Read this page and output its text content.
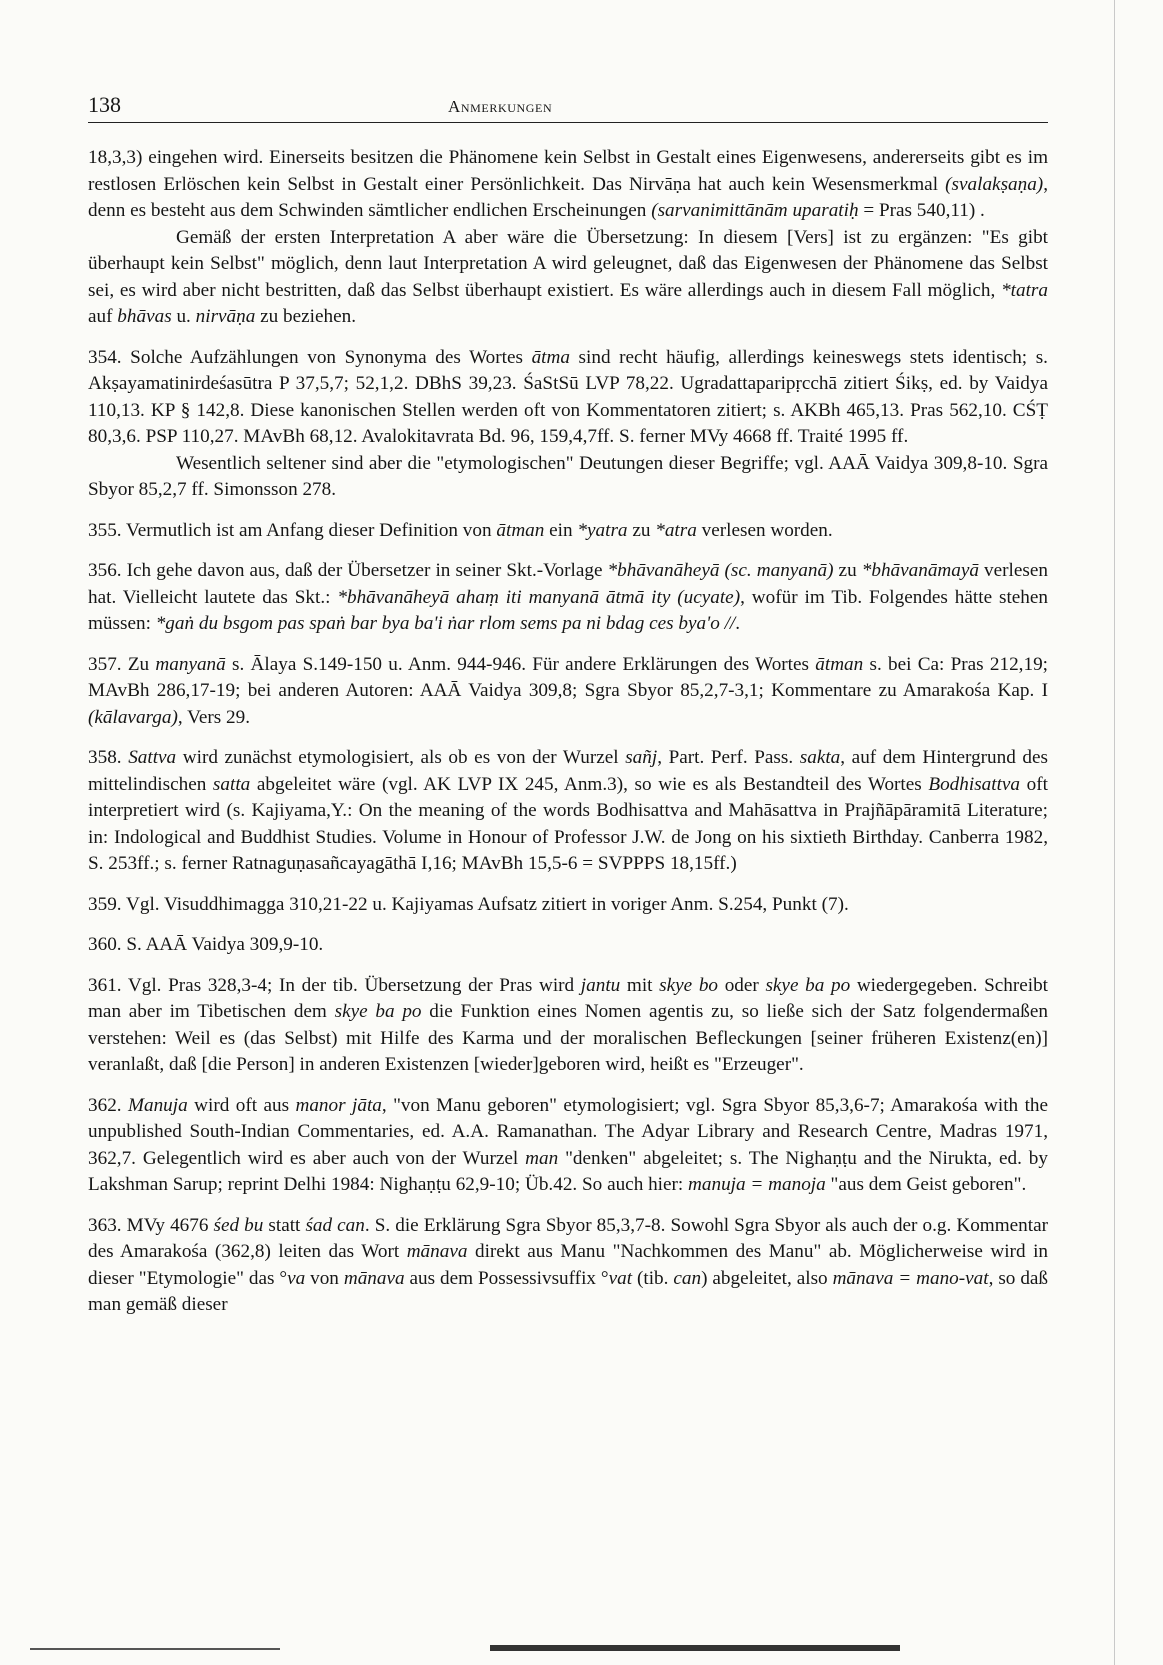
138	Anmerkungen

18,3,3) eingehen wird. Einerseits besitzen die Phänomene kein Selbst in Gestalt eines Eigenwesens, andererseits gibt es im restlosen Erlöschen kein Selbst in Gestalt einer Persönlichkeit. Das Nirvāṇa hat auch kein Wesensmerkmal (svalakṣaṇa), denn es besteht aus dem Schwinden sämtlicher endlichen Erscheinungen (sarvanimittānām uparatiḥ = Pras 540,11) .

Gemäß der ersten Interpretation A aber wäre die Übersetzung: In diesem [Vers] ist zu ergänzen: "Es gibt überhaupt kein Selbst" möglich, denn laut Interpretation A wird geleugnet, daß das Eigenwesen der Phänomene das Selbst sei, es wird aber nicht bestritten, daß das Selbst überhaupt existiert. Es wäre allerdings auch in diesem Fall möglich, *tatra auf bhāvas u. nirvāṇa zu beziehen.

354. Solche Aufzählungen von Synonyma des Wortes ātma sind recht häufig, allerdings keineswegs stets identisch; s. Akṣayamatinirdeśasūtra P 37,5,7; 52,1,2. DBhS 39,23. ŚaStSū LVP 78,22. Ugradattaparipṛcchā zitiert Śikṣ, ed. by Vaidya 110,13. KP § 142,8. Diese kanonischen Stellen werden oft von Kommentatoren zitiert; s. AKBh 465,13. Pras 562,10. CŚṬ 80,3,6. PSP 110,27. MAvBh 68,12. Avalokitavrata Bd. 96, 159,4,7ff. S. ferner MVy 4668 ff. Traité 1995 ff.

Wesentlich seltener sind aber die "etymologischen" Deutungen dieser Begriffe; vgl. AAĀ Vaidya 309,8-10. Sgra Sbyor 85,2,7 ff. Simonsson 278.

355. Vermutlich ist am Anfang dieser Definition von ātman ein *yatra zu *atra verlesen worden.

356. Ich gehe davon aus, daß der Übersetzer in seiner Skt.-Vorlage *bhāvanāheyā (sc. manyanā) zu *bhāvanāmayā verlesen hat. Vielleicht lautete das Skt.: *bhāvanāheyā ahaṃ iti manyanā ātmā ity (ucyate), wofür im Tib. Folgendes hätte stehen müssen: *gaṅ du bsgom pas spaṅ bar bya ba'i ṅar rlom sems pa ni bdag ces bya'o //.

357. Zu manyanā s. Ālaya S.149-150 u. Anm. 944-946. Für andere Erklärungen des Wortes ātman s. bei Ca: Pras 212,19; MAvBh 286,17-19; bei anderen Autoren: AAĀ Vaidya 309,8; Sgra Sbyor 85,2,7-3,1; Kommentare zu Amarakośa Kap. I (kālavarga), Vers 29.

358. Sattva wird zunächst etymologisiert, als ob es von der Wurzel sañj, Part. Perf. Pass. sakta, auf dem Hintergrund des mittelindischen satta abgeleitet wäre (vgl. AK LVP IX 245, Anm.3), so wie es als Bestandteil des Wortes Bodhisattva oft interpretiert wird (s. Kajiyama,Y.: On the meaning of the words Bodhisattva and Mahāsattva in Prajñāpāramitā Literature; in: Indological and Buddhist Studies. Volume in Honour of Professor J.W. de Jong on his sixtieth Birthday. Canberra 1982, S. 253ff.; s. ferner Ratnaguṇasañcayagāthā I,16; MAvBh 15,5-6 = SVPPPS 18,15ff.)

359. Vgl. Visuddhimagga 310,21-22 u. Kajiyamas Aufsatz zitiert in voriger Anm. S.254, Punkt (7).

360. S. AAĀ Vaidya 309,9-10.

361. Vgl. Pras 328,3-4; In der tib. Übersetzung der Pras wird jantu mit skye bo oder skye ba po wiedergegeben. Schreibt man aber im Tibetischen dem skye ba po die Funktion eines Nomen agentis zu, so ließe sich der Satz folgendermaßen verstehen: Weil es (das Selbst) mit Hilfe des Karma und der moralischen Befleckungen [seiner früheren Existenz(en)] veranlaßt, daß [die Person] in anderen Existenzen [wieder]geboren wird, heißt es "Erzeuger".

362. Manuja wird oft aus manor jāta, "von Manu geboren" etymologisiert; vgl. Sgra Sbyor 85,3,6-7; Amarakośa with the unpublished South-Indian Commentaries, ed. A.A. Ramanathan. The Adyar Library and Research Centre, Madras 1971, 362,7. Gelegentlich wird es aber auch von der Wurzel man "denken" abgeleitet; s. The Nighaṇṭu and the Nirukta, ed. by Lakshman Sarup; reprint Delhi 1984: Nighaṇṭu 62,9-10; Üb.42. So auch hier: manuja = manoja "aus dem Geist geboren".

363. MVy 4676 śed bu statt śad can. S. die Erklärung Sgra Sbyor 85,3,7-8. Sowohl Sgra Sbyor als auch der o.g. Kommentar des Amarakośa (362,8) leiten das Wort mānava direkt aus Manu "Nachkommen des Manu" ab. Möglicherweise wird in dieser "Etymologie" das °va von mānava aus dem Possessivsuffix °vat (tib. can) abgeleitet, also mānava = mano-vat, so daß man gemäß dieser
